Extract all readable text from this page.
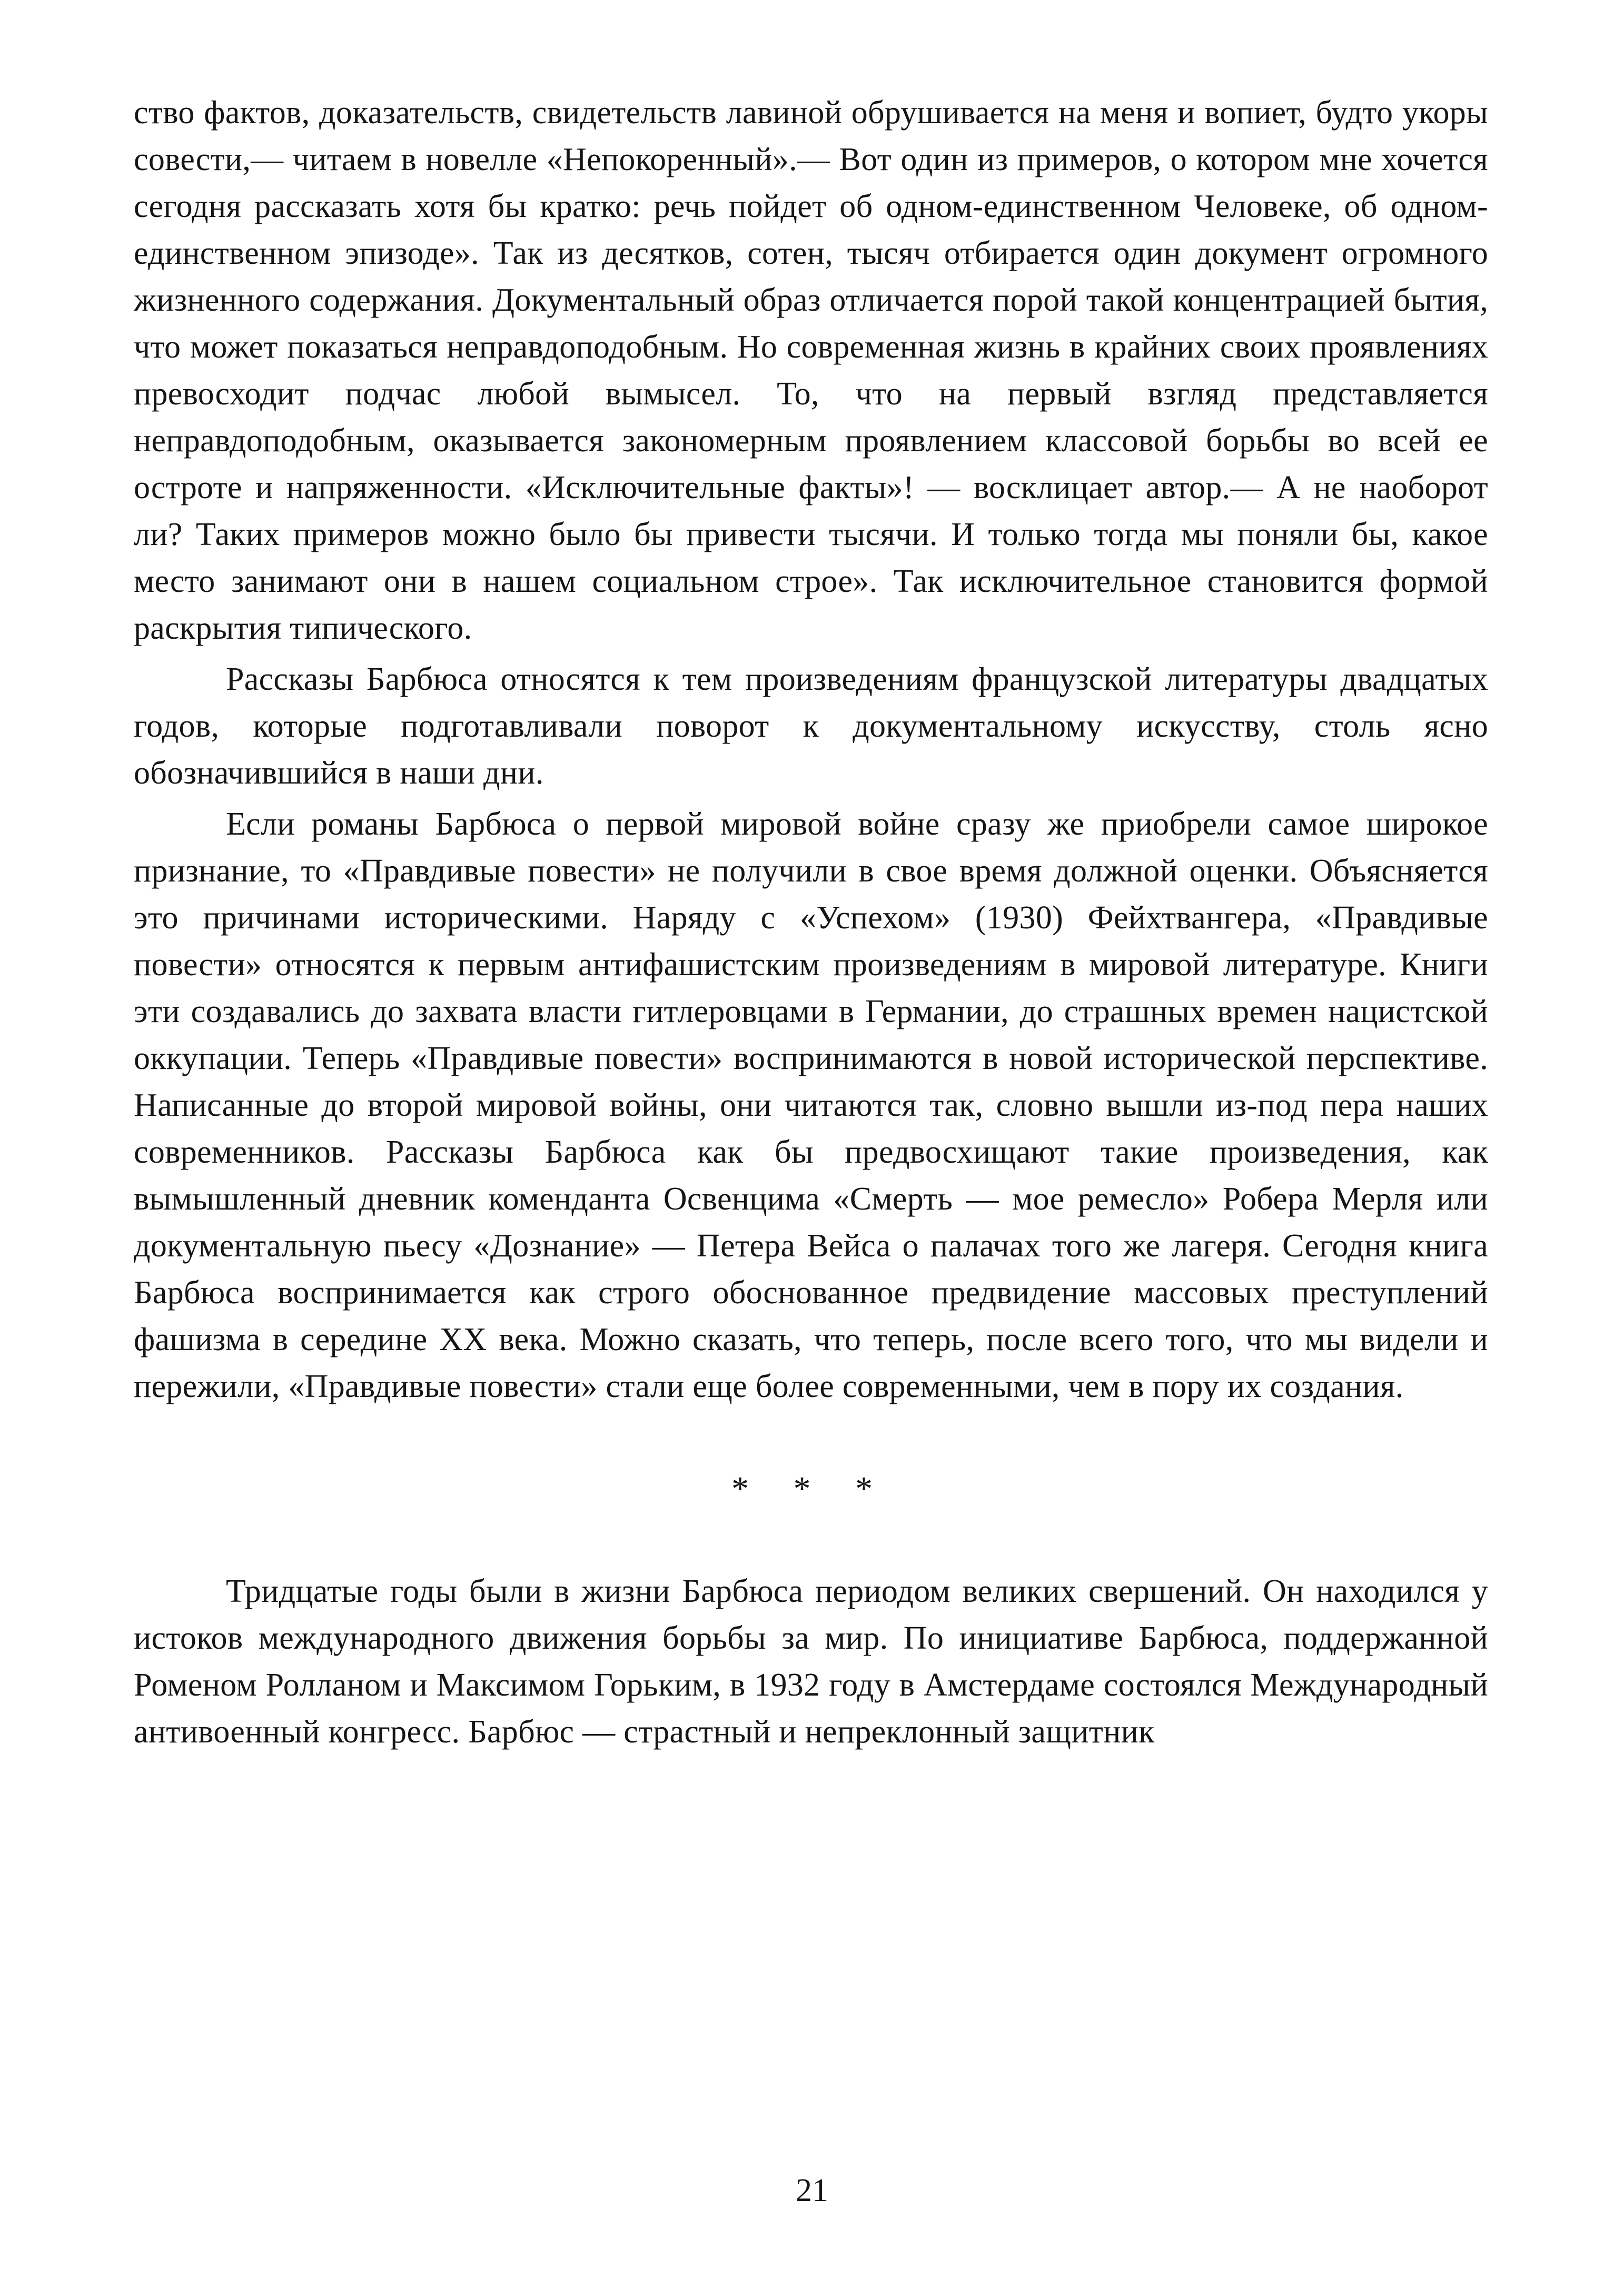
ство фактов, доказательств, свидетельств лавиной обрушивается на меня и вопиет, будто укоры совести,— читаем в новелле «Непокоренный».— Вот один из примеров, о котором мне хочется сегодня рассказать хотя бы кратко: речь пойдет об одном-единственном Человеке, об одном-единственном эпизоде». Так из десятков, сотен, тысяч отбирается один документ огромного жизненного содержания. Документальный образ отличается порой такой концентрацией бытия, что может показаться неправдоподобным. Но современная жизнь в крайних своих проявлениях превосходит подчас любой вымысел. То, что на первый взгляд представляется неправдоподобным, оказывается закономерным проявлением классовой борьбы во всей ее остроте и напряженности. «Исключительные факты»! — восклицает автор.— А не наоборот ли? Таких примеров можно было бы привести тысячи. И только тогда мы поняли бы, какое место занимают они в нашем социальном строе». Так исключительное становится формой раскрытия типического.

Рассказы Барбюса относятся к тем произведениям французской литературы двадцатых годов, которые подготавливали поворот к документальному искусству, столь ясно обозначившийся в наши дни.

Если романы Барбюса о первой мировой войне сразу же приобрели самое широкое признание, то «Правдивые повести» не получили в свое время должной оценки. Объясняется это причинами историческими. Наряду с «Успехом» (1930) Фейхтвангера, «Правдивые повести» относятся к первым антифашистским произведениям в мировой литературе. Книги эти создавались до захвата власти гитлеровцами в Германии, до страшных времен нацистской оккупации. Теперь «Правдивые повести» воспринимаются в новой исторической перспективе. Написанные до второй мировой войны, они читаются так, словно вышли из-под пера наших современников. Рассказы Барбюса как бы предвосхищают такие произведения, как вымышленный дневник коменданта Освенцима «Смерть — мое ремесло» Робера Мерля или документальную пьесу «Дознание» — Петера Вейса о палачах того же лагеря. Сегодня книга Барбюса воспринимается как строго обоснованное предвидение массовых преступлений фашизма в середине XX века. Можно сказать, что теперь, после всего того, что мы видели и пережили, «Правдивые повести» стали еще более современными, чем в пору их создания.

* * *

Тридцатые годы были в жизни Барбюса периодом великих свершений. Он находился у истоков международного движения борьбы за мир. По инициативе Барбюса, поддержанной Роменом Ролланом и Максимом Горьким, в 1932 году в Амстердаме состоялся Международный антивоенный конгресс. Барбюс — страстный и непреклонный защитник

21
